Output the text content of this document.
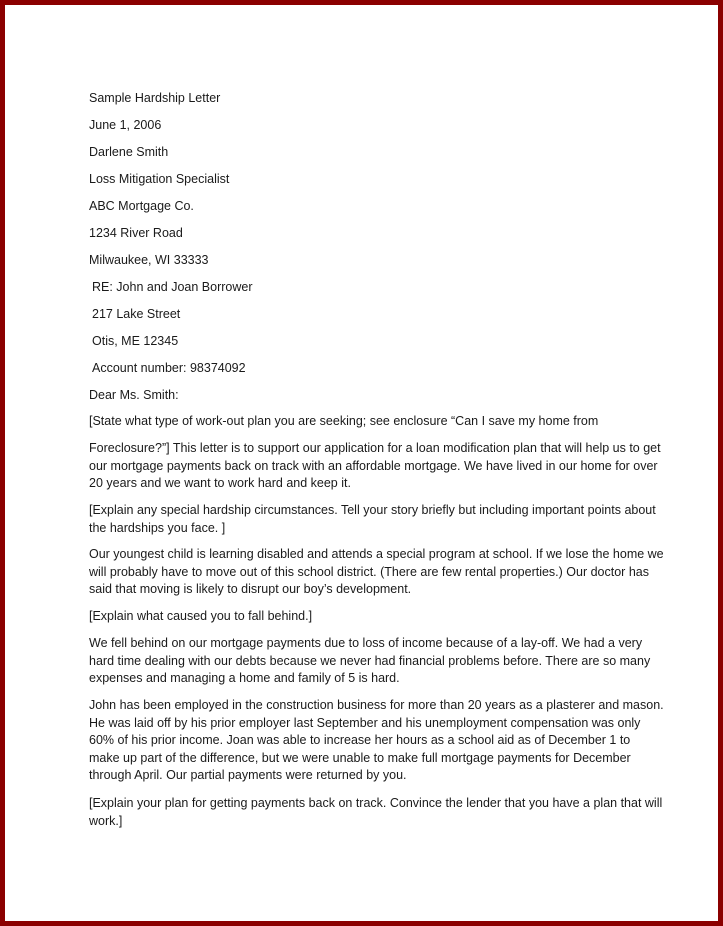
Sample Hardship Letter
June 1, 2006
Darlene Smith
Loss Mitigation Specialist
ABC Mortgage Co.
1234 River Road
Milwaukee, WI 33333
RE: John and Joan Borrower
217 Lake Street
Otis, ME 12345
Account number: 98374092
Dear Ms. Smith:
[State what type of work-out plan you are seeking; see enclosure “Can I save my home from
Foreclosure?”] This letter is to support our application for a loan modification plan that will help us to get our mortgage payments back on track with an affordable mortgage. We have lived in our home for over 20 years and we want to work hard and keep it.
[Explain any special hardship circumstances. Tell your story briefly but including important points about the hardships you face. ]
Our youngest child is learning disabled and attends a special program at school. If we lose the home we will probably have to move out of this school district. (There are few rental properties.) Our doctor has said that moving is likely to disrupt our boy’s development.
[Explain what caused you to fall behind.]
We fell behind on our mortgage payments due to loss of income because of a lay-off. We had a very hard time dealing with our debts because we never had financial problems before. There are so many expenses and managing a home and family of 5 is hard.
John has been employed in the construction business for more than 20 years as a plasterer and mason. He was laid off by his prior employer last September and his unemployment compensation was only 60% of his prior income. Joan was able to increase her hours as a school aid as of December 1 to make up part of the difference, but we were unable to make full mortgage payments for December through April. Our partial payments were returned by you.
[Explain your plan for getting payments back on track. Convince the lender that you have a plan that will work.]
